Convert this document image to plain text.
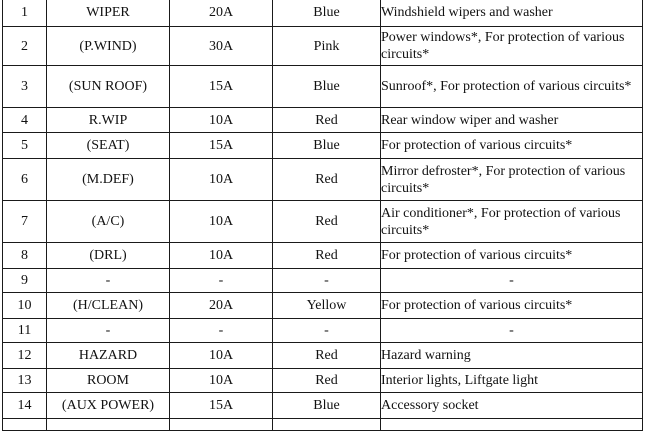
1	WIPER	20A	Blue	Windshield wipers and washer
2	(P.WIND)	30A	Pink	Power windows*, For protection of various circuits*
3	(SUN ROOF)	15A	Blue	Sunroof*, For protection of various circuits*
4	R.WIP	10A	Red	Rear window wiper and washer
5	(SEAT)	15A	Blue	For protection of various circuits*
6	(M.DEF)	10A	Red	Mirror defroster*, For protection of various circuits*
7	(A/C)	10A	Red	Air conditioner*, For protection of various circuits*
8	(DRL)	10A	Red	For protection of various circuits*
9	-	-	-	-
10	(H/CLEAN)	20A	Yellow	For protection of various circuits*
11	-	-	-	-
12	HAZARD	10A	Red	Hazard warning
13	ROOM	10A	Red	Interior lights, Liftgate light
14	(AUX POWER)	15A	Blue	Accessory socket
